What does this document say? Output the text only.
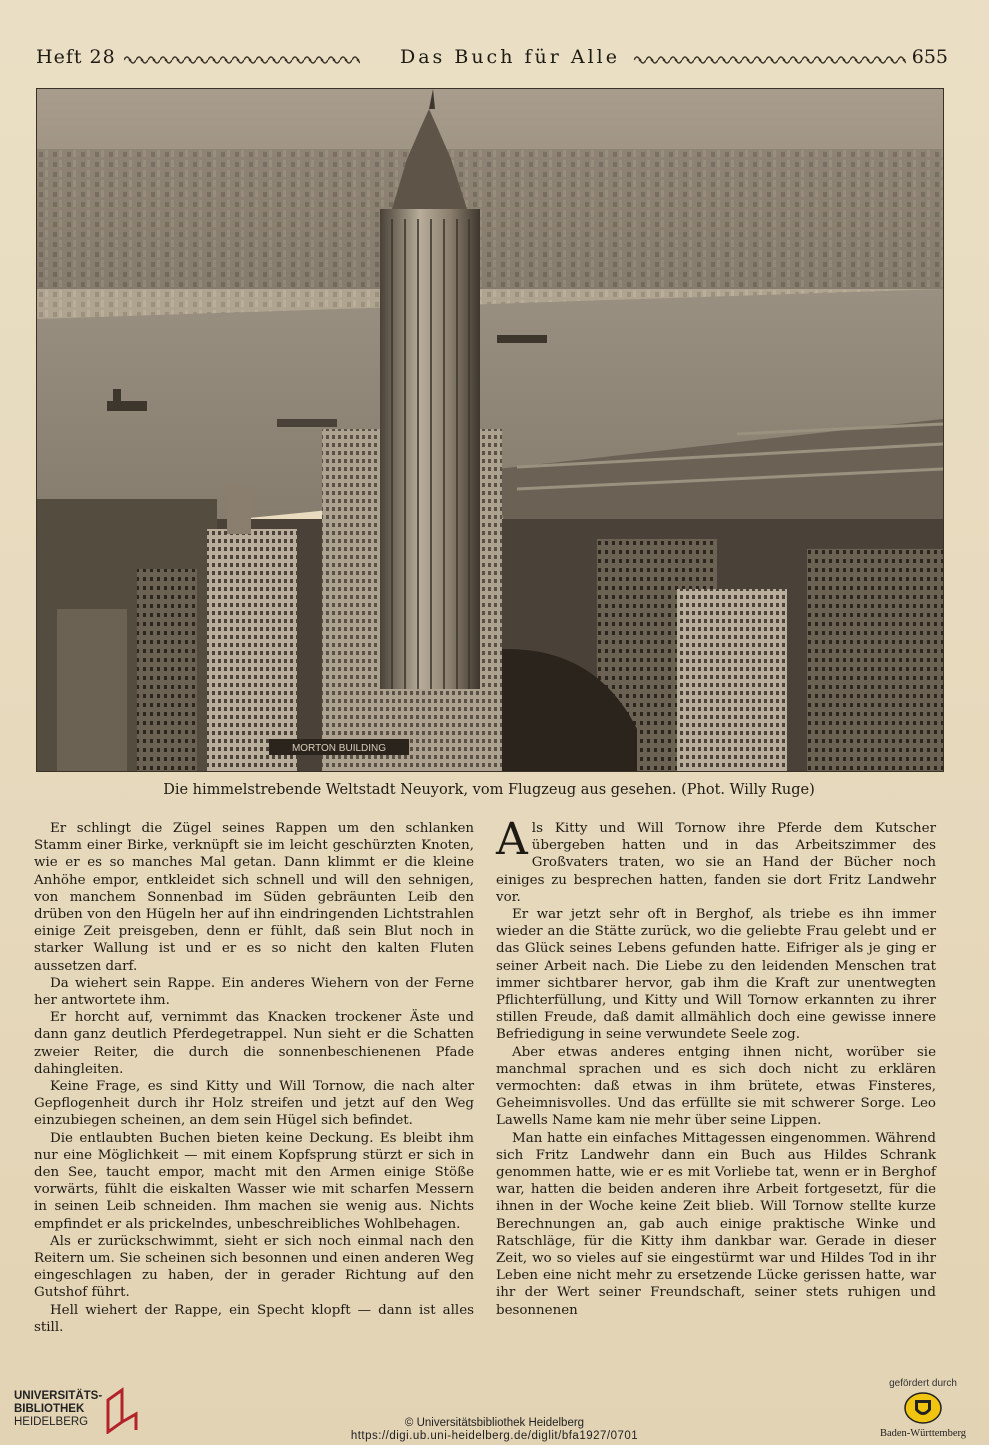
Heft 28	Das Buch für Alle	655
MORTON BUILDING
Die himmelstrebende Weltstadt Neuyork, vom Flugzeug aus gesehen. (Phot. Willy Ruge)

Er schlingt die Zügel seines Rappen um den schlanken Stamm einer Birke, verknüpft sie im leicht geschürzten Knoten, wie er es so manches Mal getan. Dann klimmt er die kleine Anhöhe empor, entkleidet sich schnell und will den sehnigen, von manchem Sonnenbad im Süden gebräunten Leib den drüben von den Hügeln her auf ihn eindringenden Lichtstrahlen einige Zeit preisgeben, denn er fühlt, daß sein Blut noch in starker Wallung ist und er es so nicht den kalten Fluten aussetzen darf.

Da wiehert sein Rappe. Ein anderes Wiehern von der Ferne her antwortete ihm.

Er horcht auf, vernimmt das Knacken trockener Äste und dann ganz deutlich Pferdegetrappel. Nun sieht er die Schatten zweier Reiter, die durch die sonnenbeschienenen Pfade dahingleiten.

Keine Frage, es sind Kitty und Will Tornow, die nach alter Gepflogenheit durch ihr Holz streifen und jetzt auf den Weg einzubiegen scheinen, an dem sein Hügel sich befindet.

Die entlaubten Buchen bieten keine Deckung. Es bleibt ihm nur eine Möglichkeit — mit einem Kopfsprung stürzt er sich in den See, taucht empor, macht mit den Armen einige Stöße vorwärts, fühlt die eiskalten Wasser wie mit scharfen Messern in seinen Leib schneiden. Ihm machen sie wenig aus. Nichts empfindet er als prickelndes, unbeschreibliches Wohlbehagen.

Als er zurückschwimmt, sieht er sich noch einmal nach den Reitern um. Sie scheinen sich besonnen und einen anderen Weg eingeschlagen zu haben, der in gerader Richtung auf den Gutshof führt.

Hell wiehert der Rappe, ein Specht klopft — dann ist alles still.

Als Kitty und Will Tornow ihre Pferde dem Kutscher übergeben hatten und in das Arbeitszimmer des Großvaters traten, wo sie an Hand der Bücher noch einiges zu besprechen hatten, fanden sie dort Fritz Landwehr vor.

Er war jetzt sehr oft in Berghof, als triebe es ihn immer wieder an die Stätte zurück, wo die geliebte Frau gelebt und er das Glück seines Lebens gefunden hatte. Eifriger als je ging er seiner Arbeit nach. Die Liebe zu den leidenden Menschen trat immer sichtbarer hervor, gab ihm die Kraft zur unentwegten Pflichterfüllung, und Kitty und Will Tornow erkannten zu ihrer stillen Freude, daß damit allmählich doch eine gewisse innere Befriedigung in seine verwundete Seele zog.

Aber etwas anderes entging ihnen nicht, worüber sie manchmal sprachen und es sich doch nicht zu erklären vermochten: daß etwas in ihm brütete, etwas Finsteres, Geheimnisvolles. Und das erfüllte sie mit schwerer Sorge. Leo Lawells Name kam nie mehr über seine Lippen.

Man hatte ein einfaches Mittagessen eingenommen. Während sich Fritz Landwehr dann ein Buch aus Hildes Schrank genommen hatte, wie er es mit Vorliebe tat, wenn er in Berghof war, hatten die beiden anderen ihre Arbeit fortgesetzt, für die ihnen in der Woche keine Zeit blieb. Will Tornow stellte kurze Berechnungen an, gab auch einige praktische Winke und Ratschläge, für die Kitty ihm dankbar war. Gerade in dieser Zeit, wo so vieles auf sie eingestürmt war und Hildes Tod in ihr Leben eine nicht mehr zu ersetzende Lücke gerissen hatte, war ihr der Wert seiner Freundschaft, seiner stets ruhigen und besonnenen

UNIVERSITÄTS-
BIBLIOTHEK
HEIDELBERG	© Universitätsbibliothek Heidelberg
https://digi.ub.uni-heidelberg.de/diglit/bfa1927/0701
gefördert durch
Baden-Württemberg
